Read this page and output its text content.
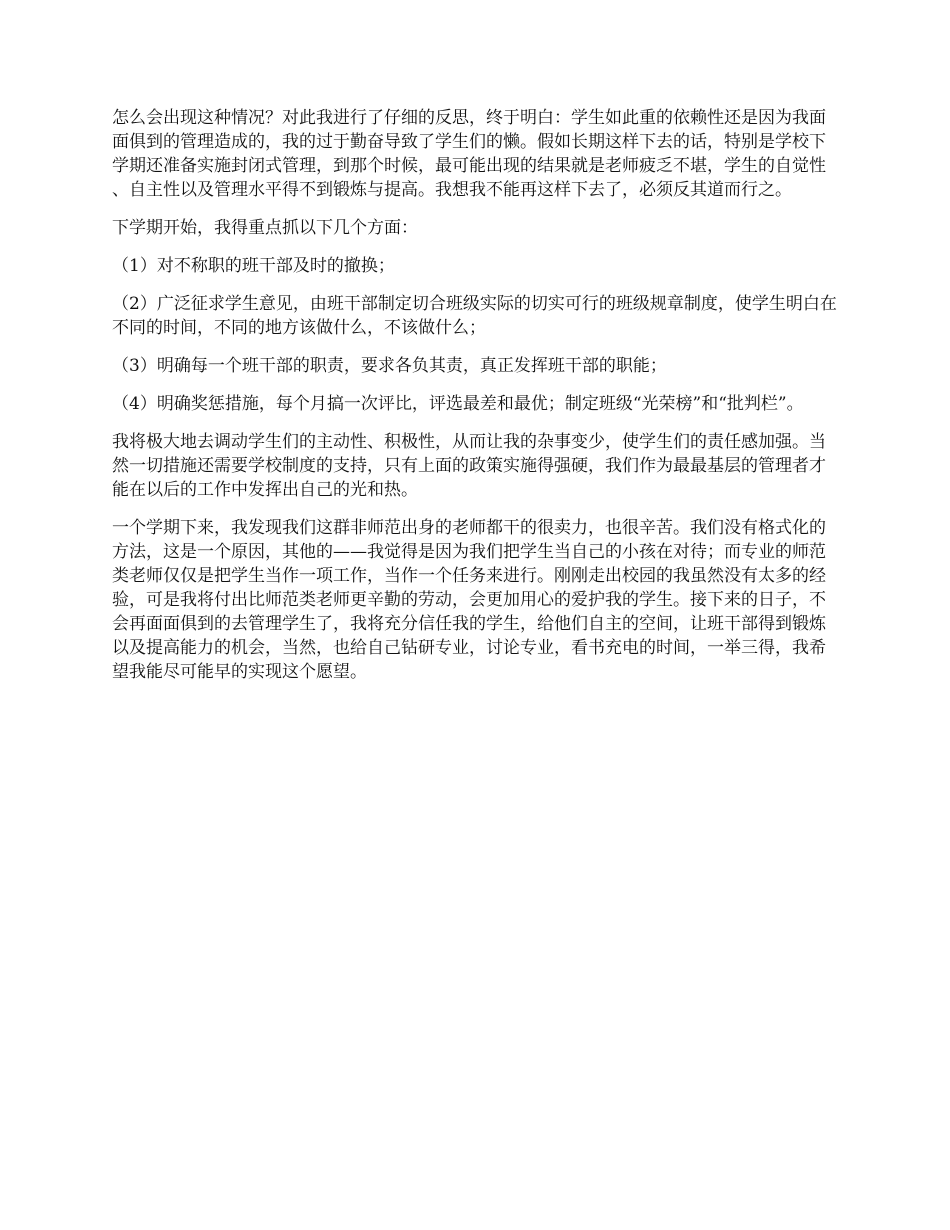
怎么会出现这种情况？对此我进行了仔细的反思，终于明白：学生如此重的依赖性还是因为我面面俱到的管理造成的，我的过于勤奋导致了学生们的懒。假如长期这样下去的话，特别是学校下学期还准备实施封闭式管理，到那个时候，最可能出现的结果就是老师疲乏不堪，学生的自觉性、自主性以及管理水平得不到锻炼与提高。我想我不能再这样下去了，必须反其道而行之。

下学期开始，我得重点抓以下几个方面：

（1）对不称职的班干部及时的撤换；

（2）广泛征求学生意见，由班干部制定切合班级实际的切实可行的班级规章制度，使学生明白在不同的时间，不同的地方该做什么，不该做什么；

（3）明确每一个班干部的职责，要求各负其责，真正发挥班干部的职能；

（4）明确奖惩措施，每个月搞一次评比，评选最差和最优；制定班级“光荣榜”和“批判栏”。

我将极大地去调动学生们的主动性、积极性，从而让我的杂事变少，使学生们的责任感加强。当然一切措施还需要学校制度的支持，只有上面的政策实施得强硬，我们作为最最基层的管理者才能在以后的工作中发挥出自己的光和热。

一个学期下来，我发现我们这群非师范出身的老师都干的很卖力，也很辛苦。我们没有格式化的方法，这是一个原因，其他的——我觉得是因为我们把学生当自己的小孩在对待；而专业的师范类老师仅仅是把学生当作一项工作，当作一个任务来进行。刚刚走出校园的我虽然没有太多的经验，可是我将付出比师范类老师更辛勤的劳动，会更加用心的爱护我的学生。接下来的日子，不会再面面俱到的去管理学生了，我将充分信任我的学生，给他们自主的空间，让班干部得到锻炼以及提高能力的机会，当然，也给自己钻研专业，讨论专业，看书充电的时间，一举三得，我希望我能尽可能早的实现这个愿望。
